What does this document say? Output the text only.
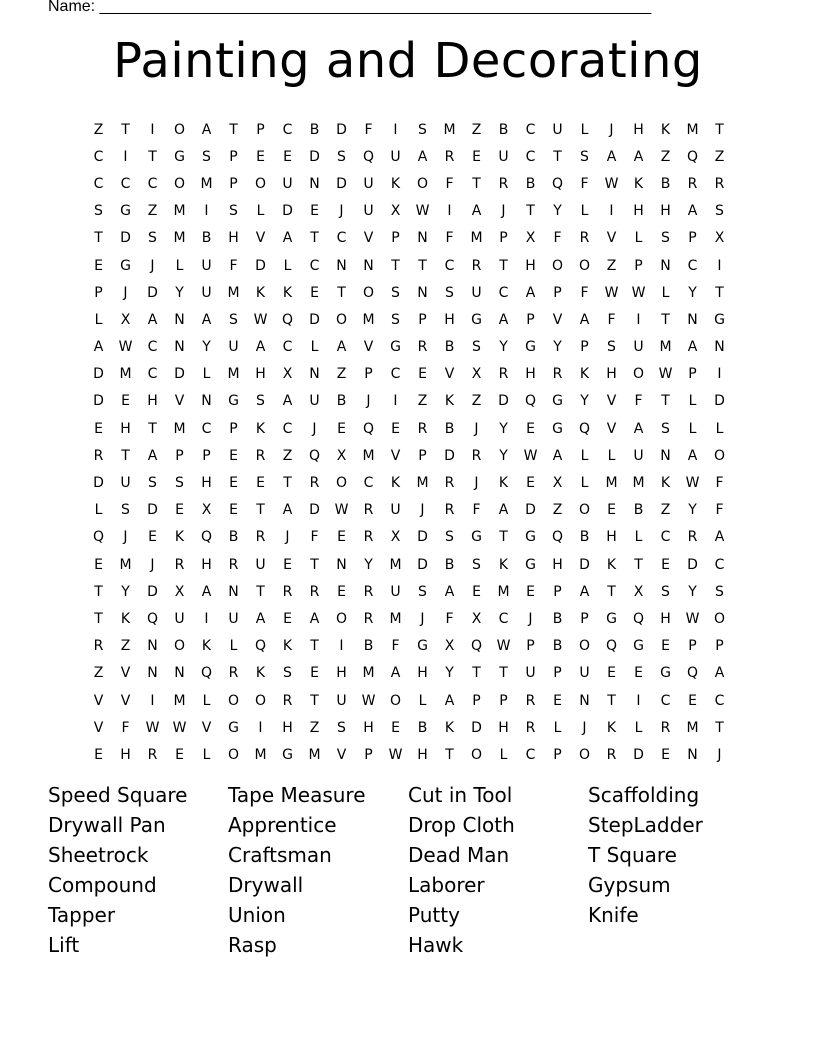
Name: ______________________________________________________________
Painting and Decorating
Z	T	I	O	A	T	P	C	B	D	F	I	S	M	Z	B	C	U	L	J	H	K	M	T
C	I	T	G	S	P	E	E	D	S	Q	U	A	R	E	U	C	T	S	A	A	Z	Q	Z
C	C	C	O	M	P	O	U	N	D	U	K	O	F	T	R	B	Q	F	W	K	B	R	R
S	G	Z	M	I	S	L	D	E	J	U	X	W	I	A	J	T	Y	L	I	H	H	A	S
T	D	S	M	B	H	V	A	T	C	V	P	N	F	M	P	X	F	R	V	L	S	P	X
E	G	J	L	U	F	D	L	C	N	N	T	T	C	R	T	H	O	O	Z	P	N	C	I
P	J	D	Y	U	M	K	K	E	T	O	S	N	S	U	C	A	P	F	W	W	L	Y	T
L	X	A	N	A	S	W	Q	D	O	M	S	P	H	G	A	P	V	A	F	I	T	N	G
A	W	C	N	Y	U	A	C	L	A	V	G	R	B	S	Y	G	Y	P	S	U	M	A	N
D	M	C	D	L	M	H	X	N	Z	P	C	E	V	X	R	H	R	K	H	O	W	P	I
D	E	H	V	N	G	S	A	U	B	J	I	Z	K	Z	D	Q	G	Y	V	F	T	L	D
E	H	T	M	C	P	K	C	J	E	Q	E	R	B	J	Y	E	G	Q	V	A	S	L	L
R	T	A	P	P	E	R	Z	Q	X	M	V	P	D	R	Y	W	A	L	L	U	N	A	O
D	U	S	S	H	E	E	T	R	O	C	K	M	R	J	K	E	X	L	M	M	K	W	F
L	S	D	E	X	E	T	A	D	W	R	U	J	R	F	A	D	Z	O	E	B	Z	Y	F
Q	J	E	K	Q	B	R	J	F	E	R	X	D	S	G	T	G	Q	B	H	L	C	R	A
E	M	J	R	H	R	U	E	T	N	Y	M	D	B	S	K	G	H	D	K	T	E	D	C
T	Y	D	X	A	N	T	R	R	E	R	U	S	A	E	M	E	P	A	T	X	S	Y	S
T	K	Q	U	I	U	A	E	A	O	R	M	J	F	X	C	J	B	P	G	Q	H	W	O
R	Z	N	O	K	L	Q	K	T	I	B	F	G	X	Q	W	P	B	O	Q	G	E	P	P
Z	V	N	N	Q	R	K	S	E	H	M	A	H	Y	T	T	U	P	U	E	E	G	Q	A
V	V	I	M	L	O	O	R	T	U	W	O	L	A	P	P	R	E	N	T	I	C	E	C
V	F	W	W	V	G	I	H	Z	S	H	E	B	K	D	H	R	L	J	K	L	R	M	T
E	H	R	E	L	O	M	G	M	V	P	W	H	T	O	L	C	P	O	R	D	E	N	J
Speed Square
Drywall Pan
Sheetrock
Compound
Tapper
Lift
Tape Measure
Apprentice
Craftsman
Drywall
Union
Rasp
Cut in Tool
Drop Cloth
Dead Man
Laborer
Putty
Hawk
Scaffolding
StepLadder
T Square
Gypsum
Knife
